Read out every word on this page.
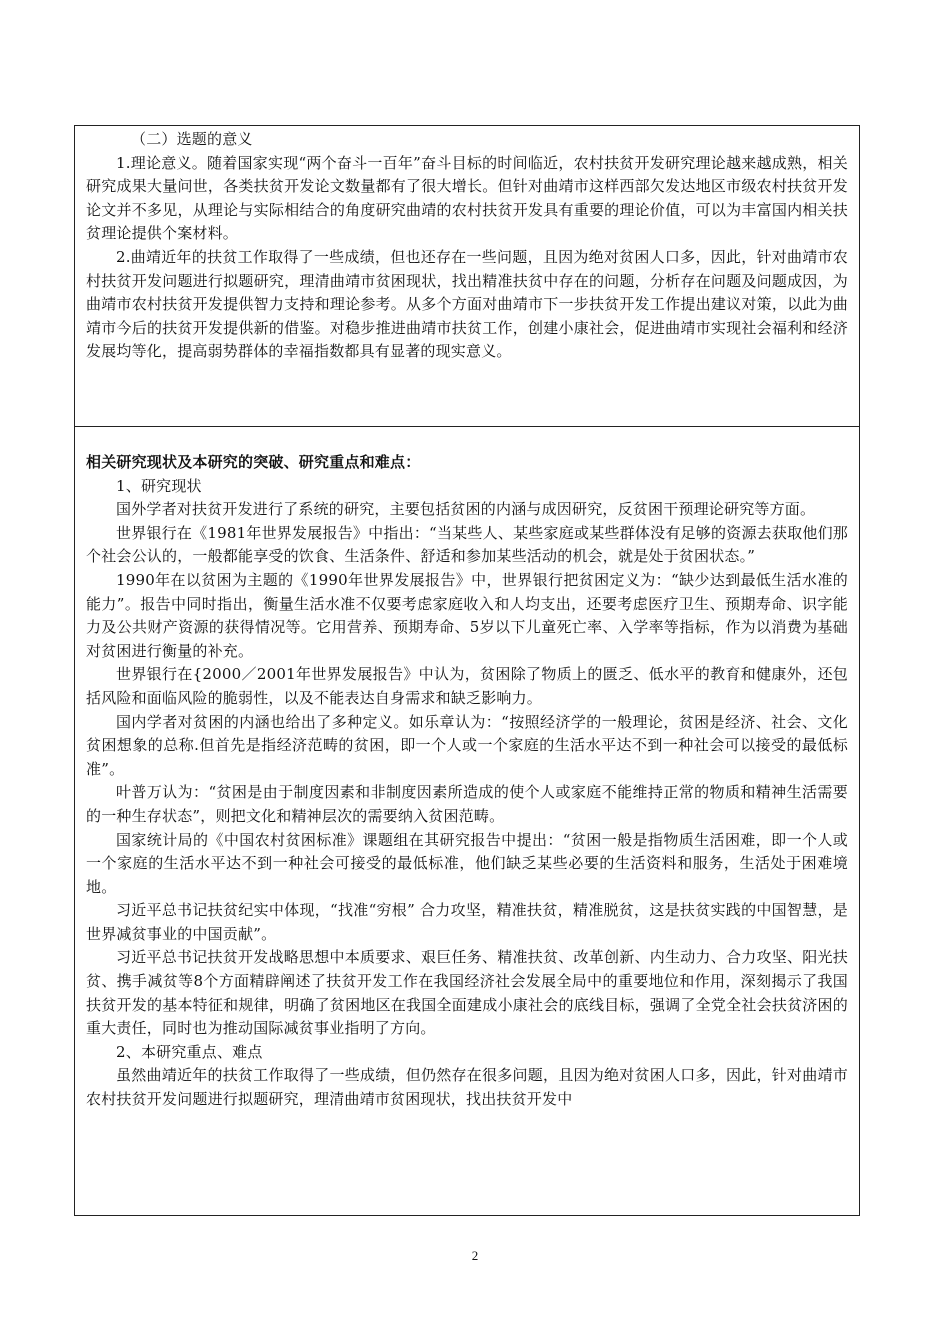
（二）选题的意义

1.理论意义。随着国家实现“两个奋斗一百年”奋斗目标的时间临近，农村扶贫开发研究理论越来越成熟，相关研究成果大量问世，各类扶贫开发论文数量都有了很大增长。但针对曲靖市这样西部欠发达地区市级农村扶贫开发论文并不多见，从理论与实际相结合的角度研究曲靖的农村扶贫开发具有重要的理论价值，可以为丰富国内相关扶贫理论提供个案材料。

2.曲靖近年的扶贫工作取得了一些成绩，但也还存在一些问题，且因为绝对贫困人口多，因此，针对曲靖市农村扶贫开发问题进行拟题研究，理清曲靖市贫困现状，找出精准扶贫中存在的问题，分析存在问题及问题成因，为曲靖市农村扶贫开发提供智力支持和理论参考。从多个方面对曲靖市下一步扶贫开发工作提出建议对策，以此为曲靖市今后的扶贫开发提供新的借鉴。对稳步推进曲靖市扶贫工作，创建小康社会，促进曲靖市实现社会福利和经济发展均等化，提高弱势群体的幸福指数都具有显著的现实意义。

相关研究现状及本研究的突破、研究重点和难点：

1、研究现状

国外学者对扶贫开发进行了系统的研究，主要包括贫困的内涵与成因研究，反贫困干预理论研究等方面。

世界银行在《1981年世界发展报告》中指出：“当某些人、某些家庭或某些群体没有足够的资源去获取他们那个社会公认的，一般都能享受的饮食、生活条件、舒适和参加某些活动的机会，就是处于贫困状态。”

1990年在以贫困为主题的《1990年世界发展报告》中，世界银行把贫困定义为：“缺少达到最低生活水准的能力”。报告中同时指出，衡量生活水准不仅要考虑家庭收入和人均支出，还要考虑医疗卫生、预期寿命、识字能力及公共财产资源的获得情况等。它用营养、预期寿命、5岁以下儿童死亡率、入学率等指标，作为以消费为基础对贫困进行衡量的补充。

世界银行在{2000／2001年世界发展报告》中认为，贫困除了物质上的匮乏、低水平的教育和健康外，还包括风险和面临风险的脆弱性，以及不能表达自身需求和缺乏影响力。

国内学者对贫困的内涵也给出了多种定义。如乐章认为：“按照经济学的一般理论，贫困是经济、社会、文化贫困想象的总称.但首先是指经济范畴的贫困，即一个人或一个家庭的生活水平达不到一种社会可以接受的最低标准”。

叶普万认为：“贫困是由于制度因素和非制度因素所造成的使个人或家庭不能维持正常的物质和精神生活需要的一种生存状态”，则把文化和精神层次的需要纳入贫困范畴。

国家统计局的《中国农村贫困标准》课题组在其研究报告中提出：“贫困一般是指物质生活困难，即一个人或一个家庭的生活水平达不到一种社会可接受的最低标准，他们缺乏某些必要的生活资料和服务，生活处于困难境地。

习近平总书记扶贫纪实中体现，“找准“穷根” 合力攻坚，精准扶贫，精准脱贫，这是扶贫实践的中国智慧，是世界减贫事业的中国贡献”。

习近平总书记扶贫开发战略思想中本质要求、艰巨任务、精准扶贫、改革创新、内生动力、合力攻坚、阳光扶贫、携手减贫等8个方面精辟阐述了扶贫开发工作在我国经济社会发展全局中的重要地位和作用，深刻揭示了我国扶贫开发的基本特征和规律，明确了贫困地区在我国全面建成小康社会的底线目标，强调了全党全社会扶贫济困的重大责任，同时也为推动国际减贫事业指明了方向。

2、本研究重点、难点

虽然曲靖近年的扶贫工作取得了一些成绩，但仍然存在很多问题，且因为绝对贫困人口多，因此，针对曲靖市农村扶贫开发问题进行拟题研究，理清曲靖市贫困现状，找出扶贫开发中

2
